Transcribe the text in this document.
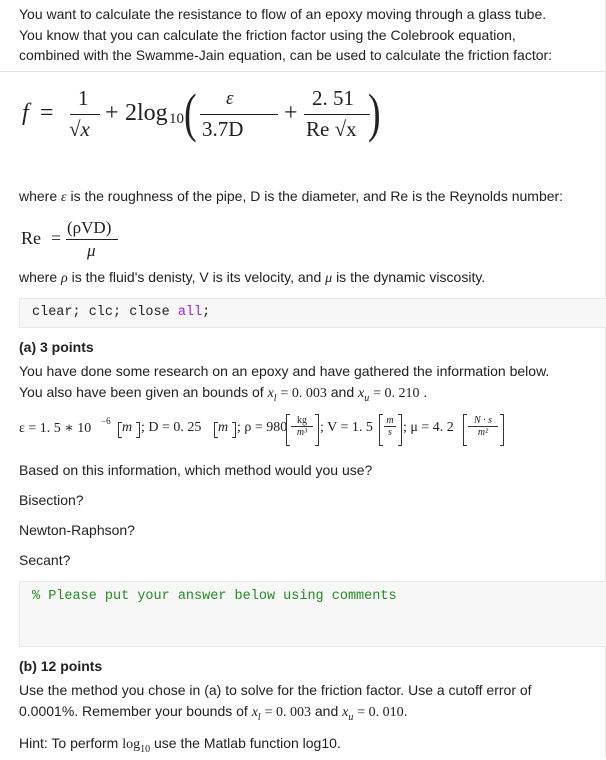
You want to calculate the resistance to flow of an epoxy moving through a glass tube.
You know that you can calculate the friction factor using the Colebrook equation,
combined with the Swamme-Jain equation, can be used to calculate the friction factor:
f =
1
√x
+ 2log 10 ( ε
3.7D
+
2. 51
Re √x )
where ε is the roughness of the pipe, D is the diameter, and Re is the Reynolds number:
Re =
(ρVD)
μ
where ρ is the fluid's denisty, V is its velocity, and μ is the dynamic viscosity.
clear; clc; close all;
(a) 3 points
You have done some research on an epoxy and have gathered the information below.
You also have been given an bounds of $x_l = 0$. 003 and $x_u = 0$. 210 .
ε = 1. 5 ∗ 10 −6 m ; D = 0. 25 m ; $\rho = 980 \frac{kg}{\text{m³}}$ ; V = 1. $5 \frac{m}{s}$ ; μ = 4. $2 \frac{N \cdot s}{\text{m²}}$
Based on this information, which method would you use?
Bisection?
Newton-Raphson?
Secant?
% Please put your answer below using comments
(b) 12 points
Use the method you chose in (a) to solve for the friction factor. Use a cutoff error of
0.0001%. Remember your bounds of $x_l = 0$. 003 and $x_u = 0$. 010.
Hint: To perform $\log_{10}$ use the Matlab function log10.
